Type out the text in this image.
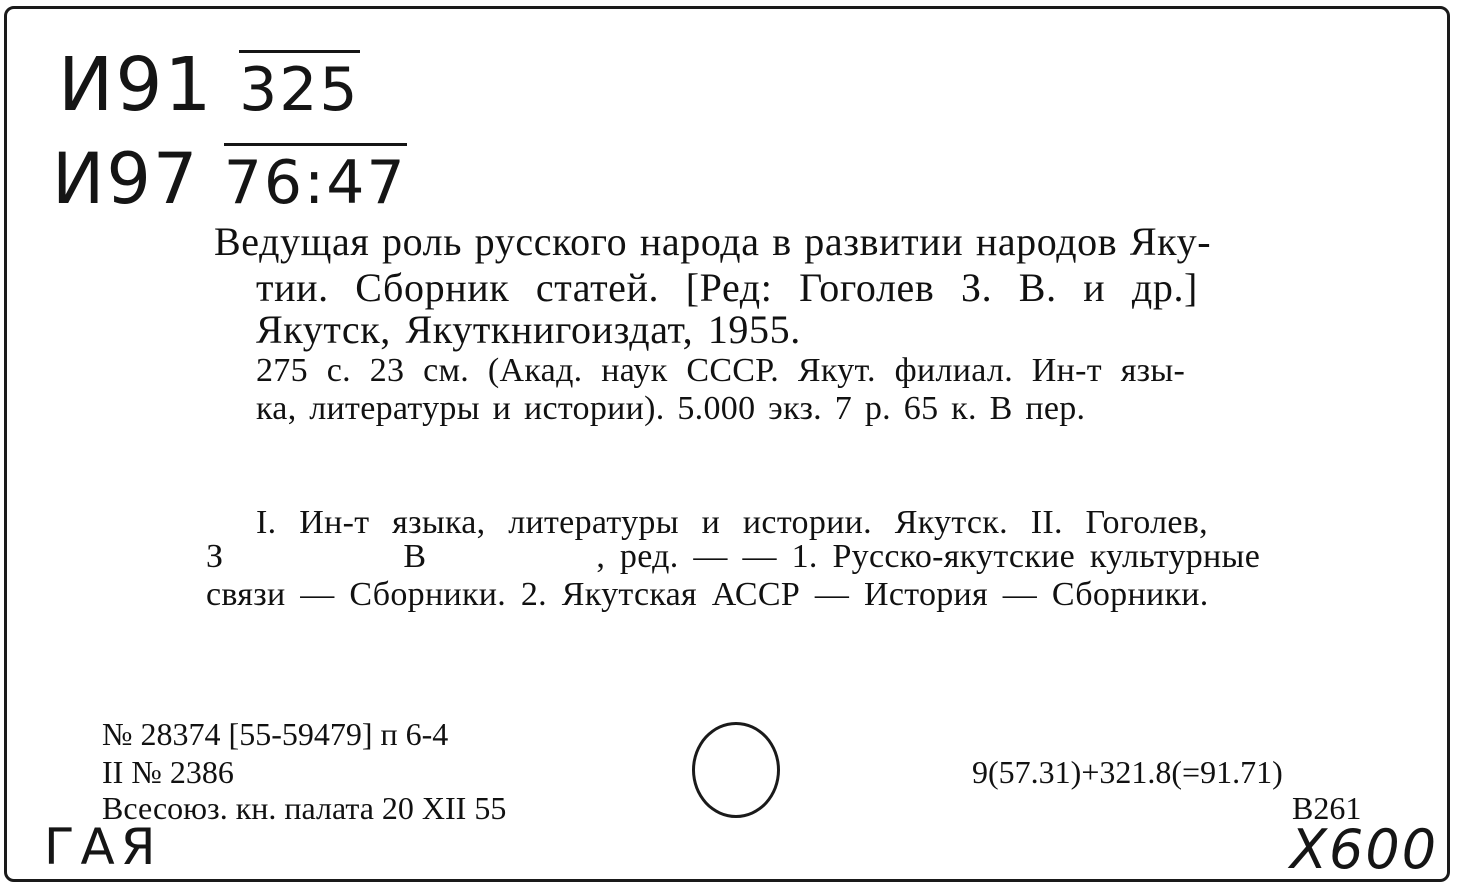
И91 325
И97 76:47
Ведущая роль русского народа в развитии народов Яку-
тии. Сборник статей. [Ред: Гоголев З. В. и др.]
Якутск, Якуткнигоиздат, 1955.
275 с. 23 см. (Акад. наук СССР. Якут. филиал. Ин-т язы-
ка, литературы и истории). 5.000 экз. 7 р. 65 к. В пер.
I. Ин-т языка, литературы и истории. Якутск. II. Гоголев,
З	В	, ред. — — 1. Русско-якутские культурные
связи — Сборники. 2. Якутская АССР — История — Сборники.
№ 28374 [55-59479] п 6-4
II № 2386
Всесоюз. кн. палата 20 XII 55
9(57.31)+321.8(=91.71)
В261
ГАЯ	Х600
